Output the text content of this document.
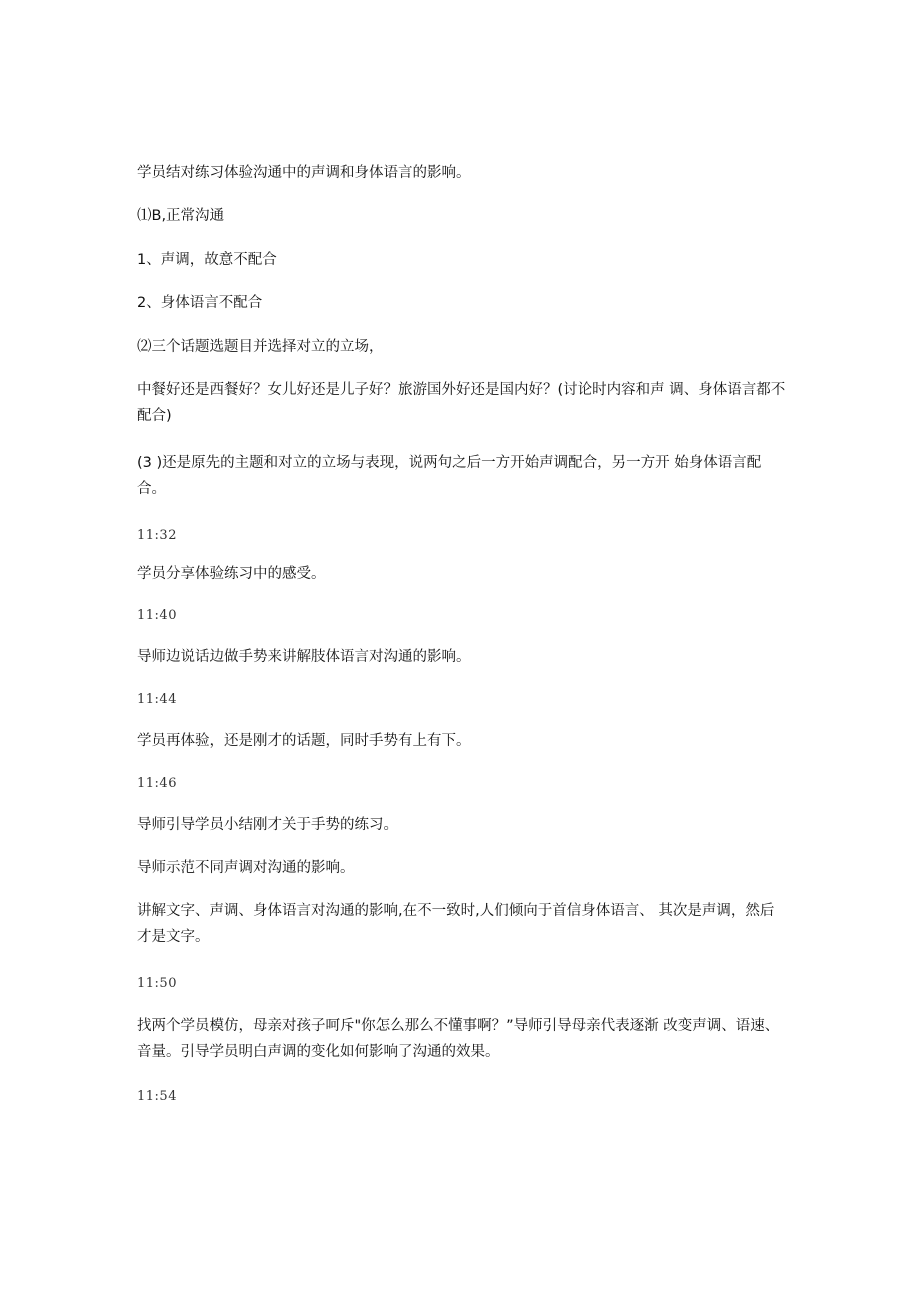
学员结对练习体验沟通中的声调和身体语言的影响。
⑴B,正常沟通
1、声调，故意不配合
2、身体语言不配合
⑵三个话题选题目并选择对立的立场，
中餐好还是西餐好？女儿好还是儿子好？旅游国外好还是国内好？(讨论时内容和声 调、身体语言都不配合)
(3 )还是原先的主题和对立的立场与表现，说两句之后一方开始声调配合，另一方开 始身体语言配合。
11:32
学员分享体验练习中的感受。
11:40
导师边说话边做手势来讲解肢体语言对沟通的影响。
11:44
学员再体验，还是刚才的话题，同时手势有上有下。
11:46
导师引导学员小结刚才关于手势的练习。
导师示范不同声调对沟通的影响。
讲解文字、声调、身体语言对沟通的影响,在不一致时,人们倾向于首信身体语言、 其次是声调，然后才是文字。
11:50
找两个学员模仿，母亲对孩子呵斥"你怎么那么不懂事啊？”导师引导母亲代表逐渐 改变声调、语速、音量。引导学员明白声调的变化如何影响了沟通的效果。
11:54
